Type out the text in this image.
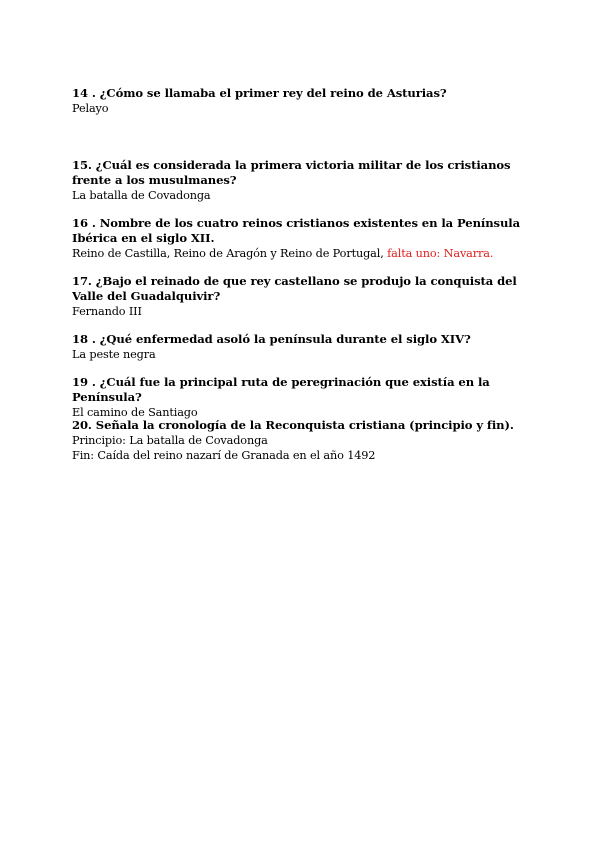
14 . ¿Cómo se llamaba el primer rey del reino de Asturias?

Pelayo

15. ¿Cuál es considerada la primera victoria militar de los cristianos frente a los musulmanes?

La batalla de Covadonga

16 . Nombre de los cuatro reinos cristianos existentes en la Península Ibérica en el siglo XII.

Reino de Castilla, Reino de Aragón y Reino de Portugal, falta uno: Navarra.

17. ¿Bajo el reinado de que rey castellano se produjo la conquista del Valle del Guadalquivir?

Fernando III

18 . ¿Qué enfermedad asoló la península durante el siglo XIV?

La peste negra

19 . ¿Cuál fue la principal ruta de peregrinación que existía en la Península?

El camino de Santiago

20. Señala la cronología de la Reconquista cristiana (principio y fin).

Principio: La batalla de Covadonga

Fin: Caída del reino nazarí de Granada en el año 1492
